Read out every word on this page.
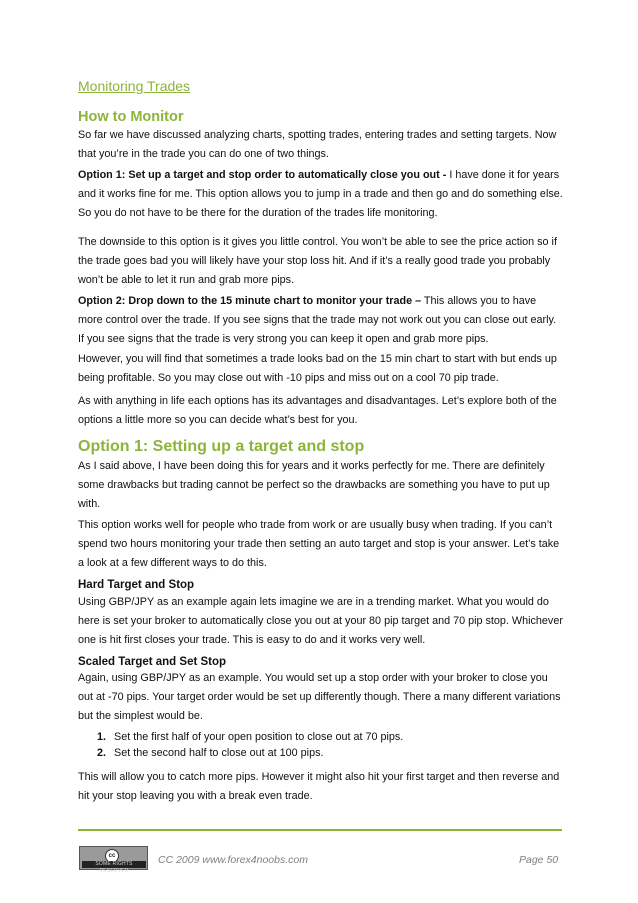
Monitoring Trades
How to Monitor

So far we have discussed analyzing charts, spotting trades, entering trades and setting targets. Now that you’re in the trade you can do one of two things.

Option 1: Set up a target and stop order to automatically close you out - I have done it for years and it works fine for me. This option allows you to jump in a trade and then go and do something else. So you do not have to be there for the duration of the trades life monitoring.

The downside to this option is it gives you little control. You won’t be able to see the price action so if the trade goes bad you will likely have your stop loss hit. And if it’s a really good trade you probably won’t be able to let it run and grab more pips.

Option 2: Drop down to the 15 minute chart to monitor your trade – This allows you to have more control over the trade. If you see signs that the trade may not work out you can close out early. If you see signs that the trade is very strong you can keep it open and grab more pips.

However, you will find that sometimes a trade looks bad on the 15 min chart to start with but ends up being profitable. So you may close out with -10 pips and miss out on a cool 70 pip trade.

As with anything in life each options has its advantages and disadvantages. Let’s explore both of the options a little more so you can decide what’s best for you.

Option 1: Setting up a target and stop

As I said above, I have been doing this for years and it works perfectly for me. There are definitely some drawbacks but trading cannot be perfect so the drawbacks are something you have to put up with.

This option works well for people who trade from work or are usually busy when trading. If you can’t spend two hours monitoring your trade then setting an auto target and stop is your answer. Let’s take a look at a few different ways to do this.

Hard Target and Stop

Using GBP/JPY as an example again lets imagine we are in a trending market. What you would do here is set your broker to automatically close you out at your 80 pip target and 70 pip stop. Whichever one is hit first closes your trade. This is easy to do and it works very well.

Scaled Target and Set Stop

Again, using GBP/JPY as an example. You would set up a stop order with your broker to close you out at -70 pips. Your target order would be set up differently though. There a many different variations but the simplest would be.

1. Set the first half of your open position to close out at 70 pips.
2. Set the second half to close out at 100 pips.

This will allow you to catch more pips. However it might also hit your first target and then reverse and hit your stop leaving you with a break even trade.

cc
SOME RIGHTS RESERVED
CC 2009 www.forex4noobs.com	Page 50
